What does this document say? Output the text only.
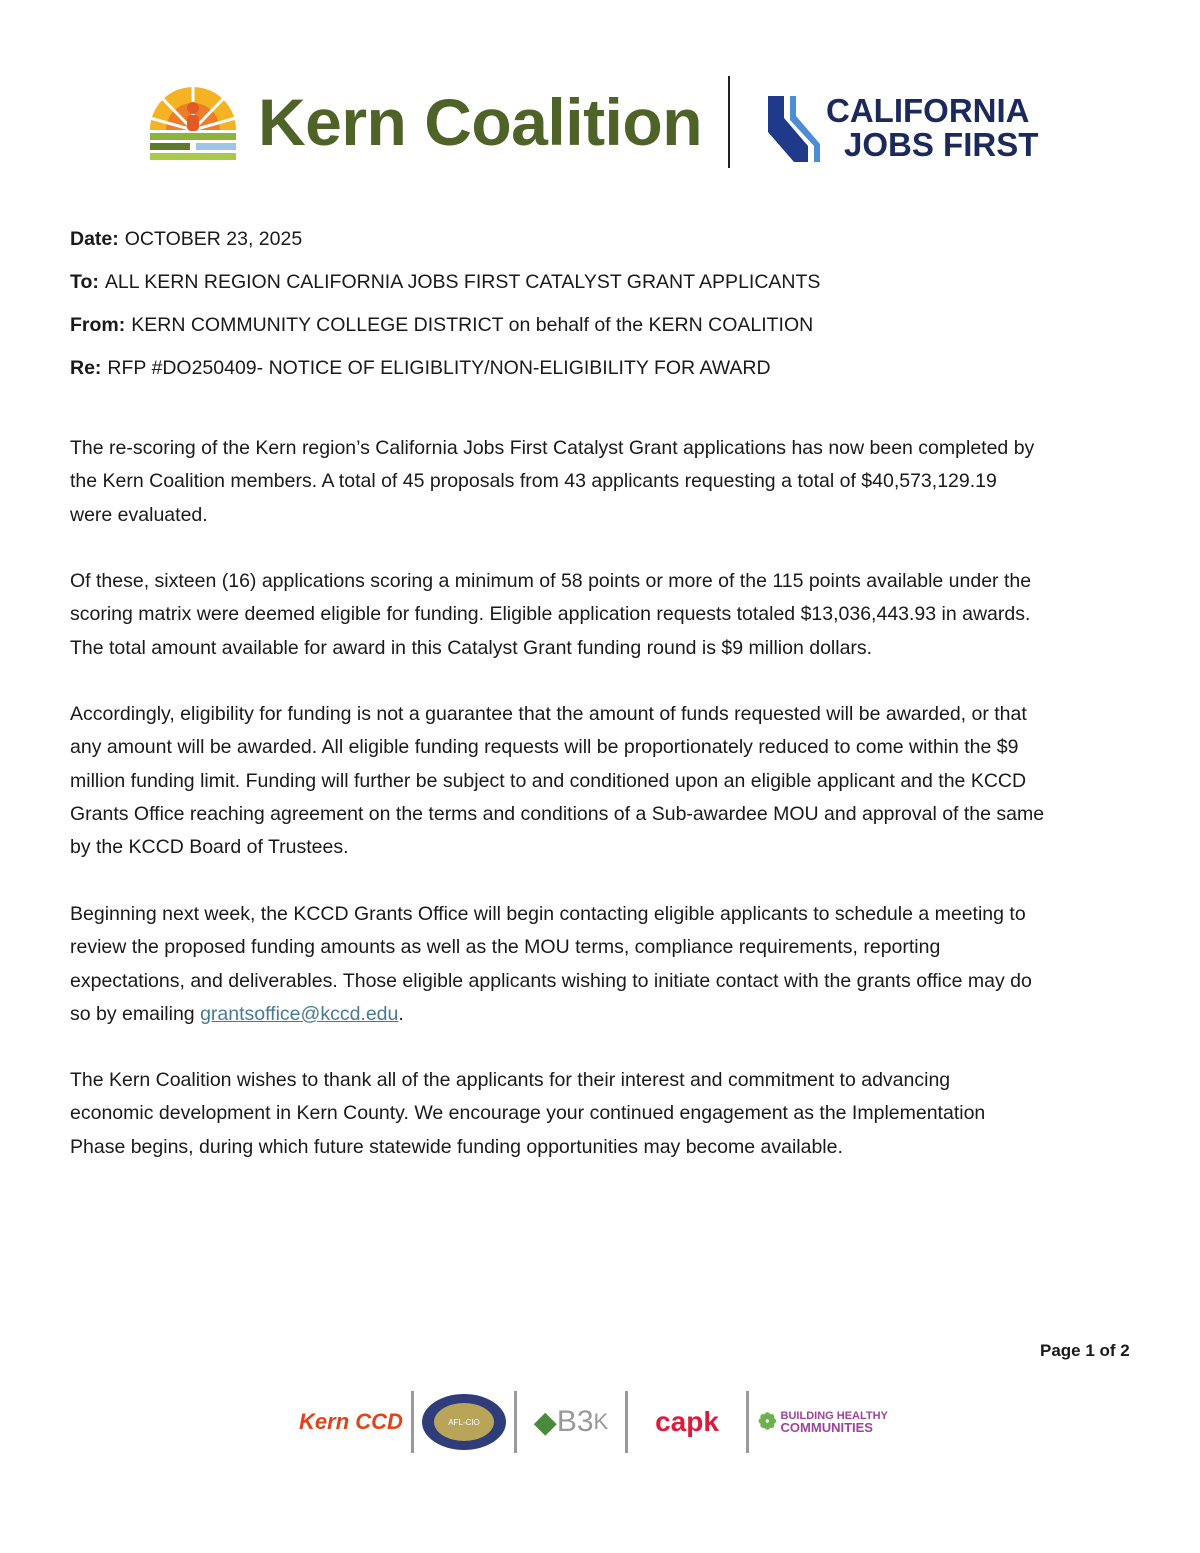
Kern Coalition	CALIFORNIA
JOBS FIRST
Date: OCTOBER 23, 2025
To: ALL KERN REGION CALIFORNIA JOBS FIRST CATALYST GRANT APPLICANTS
From: KERN COMMUNITY COLLEGE DISTRICT on behalf of the KERN COALITION
Re: RFP #DO250409- NOTICE OF ELIGIBLITY/NON-ELIGIBILITY FOR AWARD
The re-scoring of the Kern region’s California Jobs First Catalyst Grant applications has now been completed by
the Kern Coalition members. A total of 45 proposals from 43 applicants requesting a total of $40,573,129.19
were evaluated.
Of these, sixteen (16) applications scoring a minimum of 58 points or more of the 115 points available under the
scoring matrix were deemed eligible for funding. Eligible application requests totaled $13,036,443.93 in awards.
The total amount available for award in this Catalyst Grant funding round is $9 million dollars.
Accordingly, eligibility for funding is not a guarantee that the amount of funds requested will be awarded, or that
any amount will be awarded. All eligible funding requests will be proportionately reduced to come within the $9
million funding limit. Funding will further be subject to and conditioned upon an eligible applicant and the KCCD
Grants Office reaching agreement on the terms and conditions of a Sub-awardee MOU and approval of the same
by the KCCD Board of Trustees.
Beginning next week, the KCCD Grants Office will begin contacting eligible applicants to schedule a meeting to
review the proposed funding amounts as well as the MOU terms, compliance requirements, reporting
expectations, and deliverables. Those eligible applicants wishing to initiate contact with the grants office may do
so by emailing grantsoffice@kccd.edu.
The Kern Coalition wishes to thank all of the applicants for their interest and commitment to advancing
economic development in Kern County. We encourage your continued engagement as the Implementation
Phase begins, during which future statewide funding opportunities may become available.
Page 1 of 2
Kern CCD	AFL-CIO ◆ B3 K	capk	❁ BUILDING HEALTHY
COMMUNITIES
